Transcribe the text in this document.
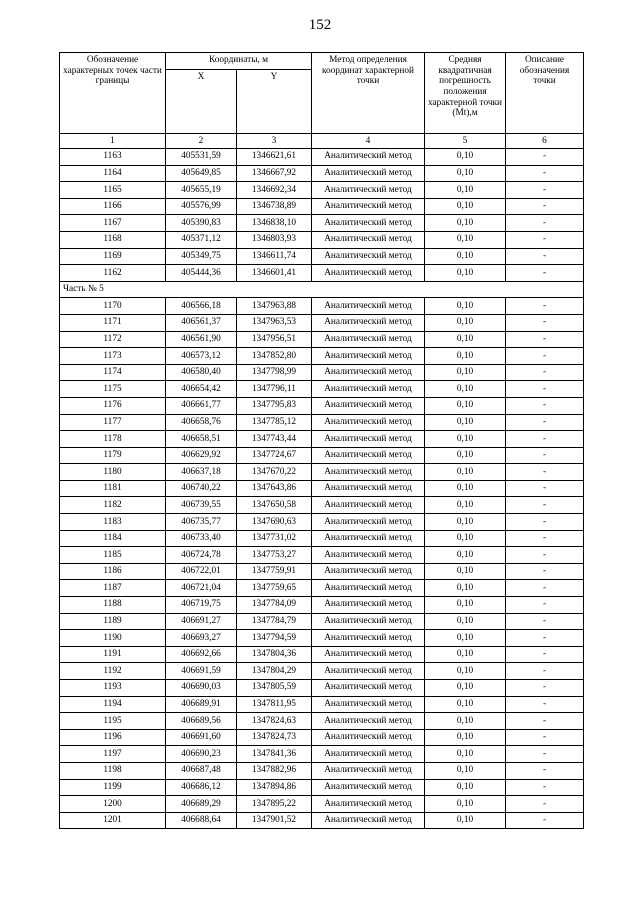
152
Обозначение характерных точек части границы	Координаты, м		Метод определения координат характерной точки	Средняя квадратичная погрешность положения характерной точки (Mt),м	Описание обозначения точки
	X	Y			
1	2	3	4	5	6
1163	405531,59	1346621,61	Аналитический метод	0,10	-
1164	405649,85	1346667,92	Аналитический метод	0,10	-
1165	405655,19	1346692,34	Аналитический метод	0,10	-
1166	405576,99	1346738,89	Аналитический метод	0,10	-
1167	405390,83	1346838,10	Аналитический метод	0,10	-
1168	405371,12	1346803,93	Аналитический метод	0,10	-
1169	405349,75	1346611,74	Аналитический метод	0,10	-
1162	405444,36	1346601,41	Аналитический метод	0,10	-
Часть № 5					
1170	406566,18	1347963,88	Аналитический метод	0,10	-
1171	406561,37	1347963,53	Аналитический метод	0,10	-
1172	406561,90	1347956,51	Аналитический метод	0,10	-
1173	406573,12	1347852,80	Аналитический метод	0,10	-
1174	406580,40	1347798,99	Аналитический метод	0,10	-
1175	406654,42	1347796,11	Аналитический метод	0,10	-
1176	406661,77	1347795,83	Аналитический метод	0,10	-
1177	406658,76	1347785,12	Аналитический метод	0,10	-
1178	406658,51	1347743,44	Аналитический метод	0,10	-
1179	406629,92	1347724,67	Аналитический метод	0,10	-
1180	406637,18	1347670,22	Аналитический метод	0,10	-
1181	406740,22	1347643,86	Аналитический метод	0,10	-
1182	406739,55	1347650,58	Аналитический метод	0,10	-
1183	406735,77	1347690,63	Аналитический метод	0,10	-
1184	406733,40	1347731,02	Аналитический метод	0,10	-
1185	406724,78	1347753,27	Аналитический метод	0,10	-
1186	406722,01	1347759,91	Аналитический метод	0,10	-
1187	406721,04	1347759,65	Аналитический метод	0,10	-
1188	406719,75	1347784,09	Аналитический метод	0,10	-
1189	406691,27	1347784,79	Аналитический метод	0,10	-
1190	406693,27	1347794,59	Аналитический метод	0,10	-
1191	406692,66	1347804,36	Аналитический метод	0,10	-
1192	406691,59	1347804,29	Аналитический метод	0,10	-
1193	406690,03	1347805,59	Аналитический метод	0,10	-
1194	406689,91	1347811,95	Аналитический метод	0,10	-
1195	406689,56	1347824,63	Аналитический метод	0,10	-
1196	406691,60	1347824,73	Аналитический метод	0,10	-
1197	406690,23	1347841,36	Аналитический метод	0,10	-
1198	406687,48	1347882,96	Аналитический метод	0,10	-
1199	406686,12	1347894,86	Аналитический метод	0,10	-
1200	406689,29	1347895,22	Аналитический метод	0,10	-
1201	406688,64	1347901,52	Аналитический метод	0,10	-
